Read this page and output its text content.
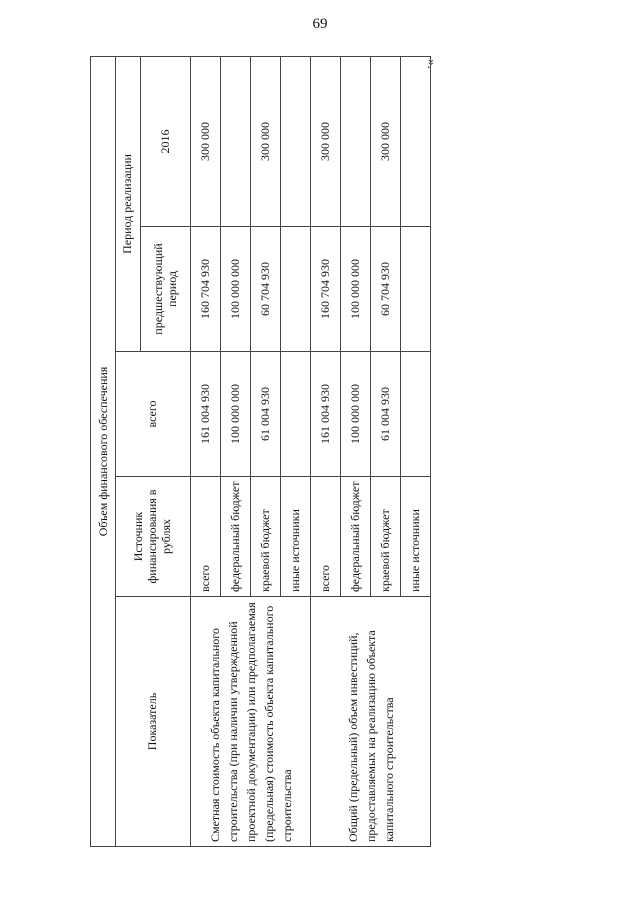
69
».
Объем финансового обеспечения				
Показатель	Источник финансирования в рублях	всего	Период реализации	
			предшествующий период	2016
Сметная стоимость объекта капитального строительства (при наличии утвержденной проектной документации) или предполагаемая (предельная) стоимость объекта капитального строительства	всего	161 004 930	160 704 930	300 000
	федеральный бюджет	100 000 000	100 000 000	
	краевой бюджет	61 004 930	60 704 930	300 000
	иные источники			
Общий (предельный) объем инвестиций, предоставляемых на реализацию объекта капитального строительства	всего	161 004 930	160 704 930	300 000
	федеральный бюджет	100 000 000	100 000 000	
	краевой бюджет	61 004 930	60 704 930	300 000
	иные источники			
